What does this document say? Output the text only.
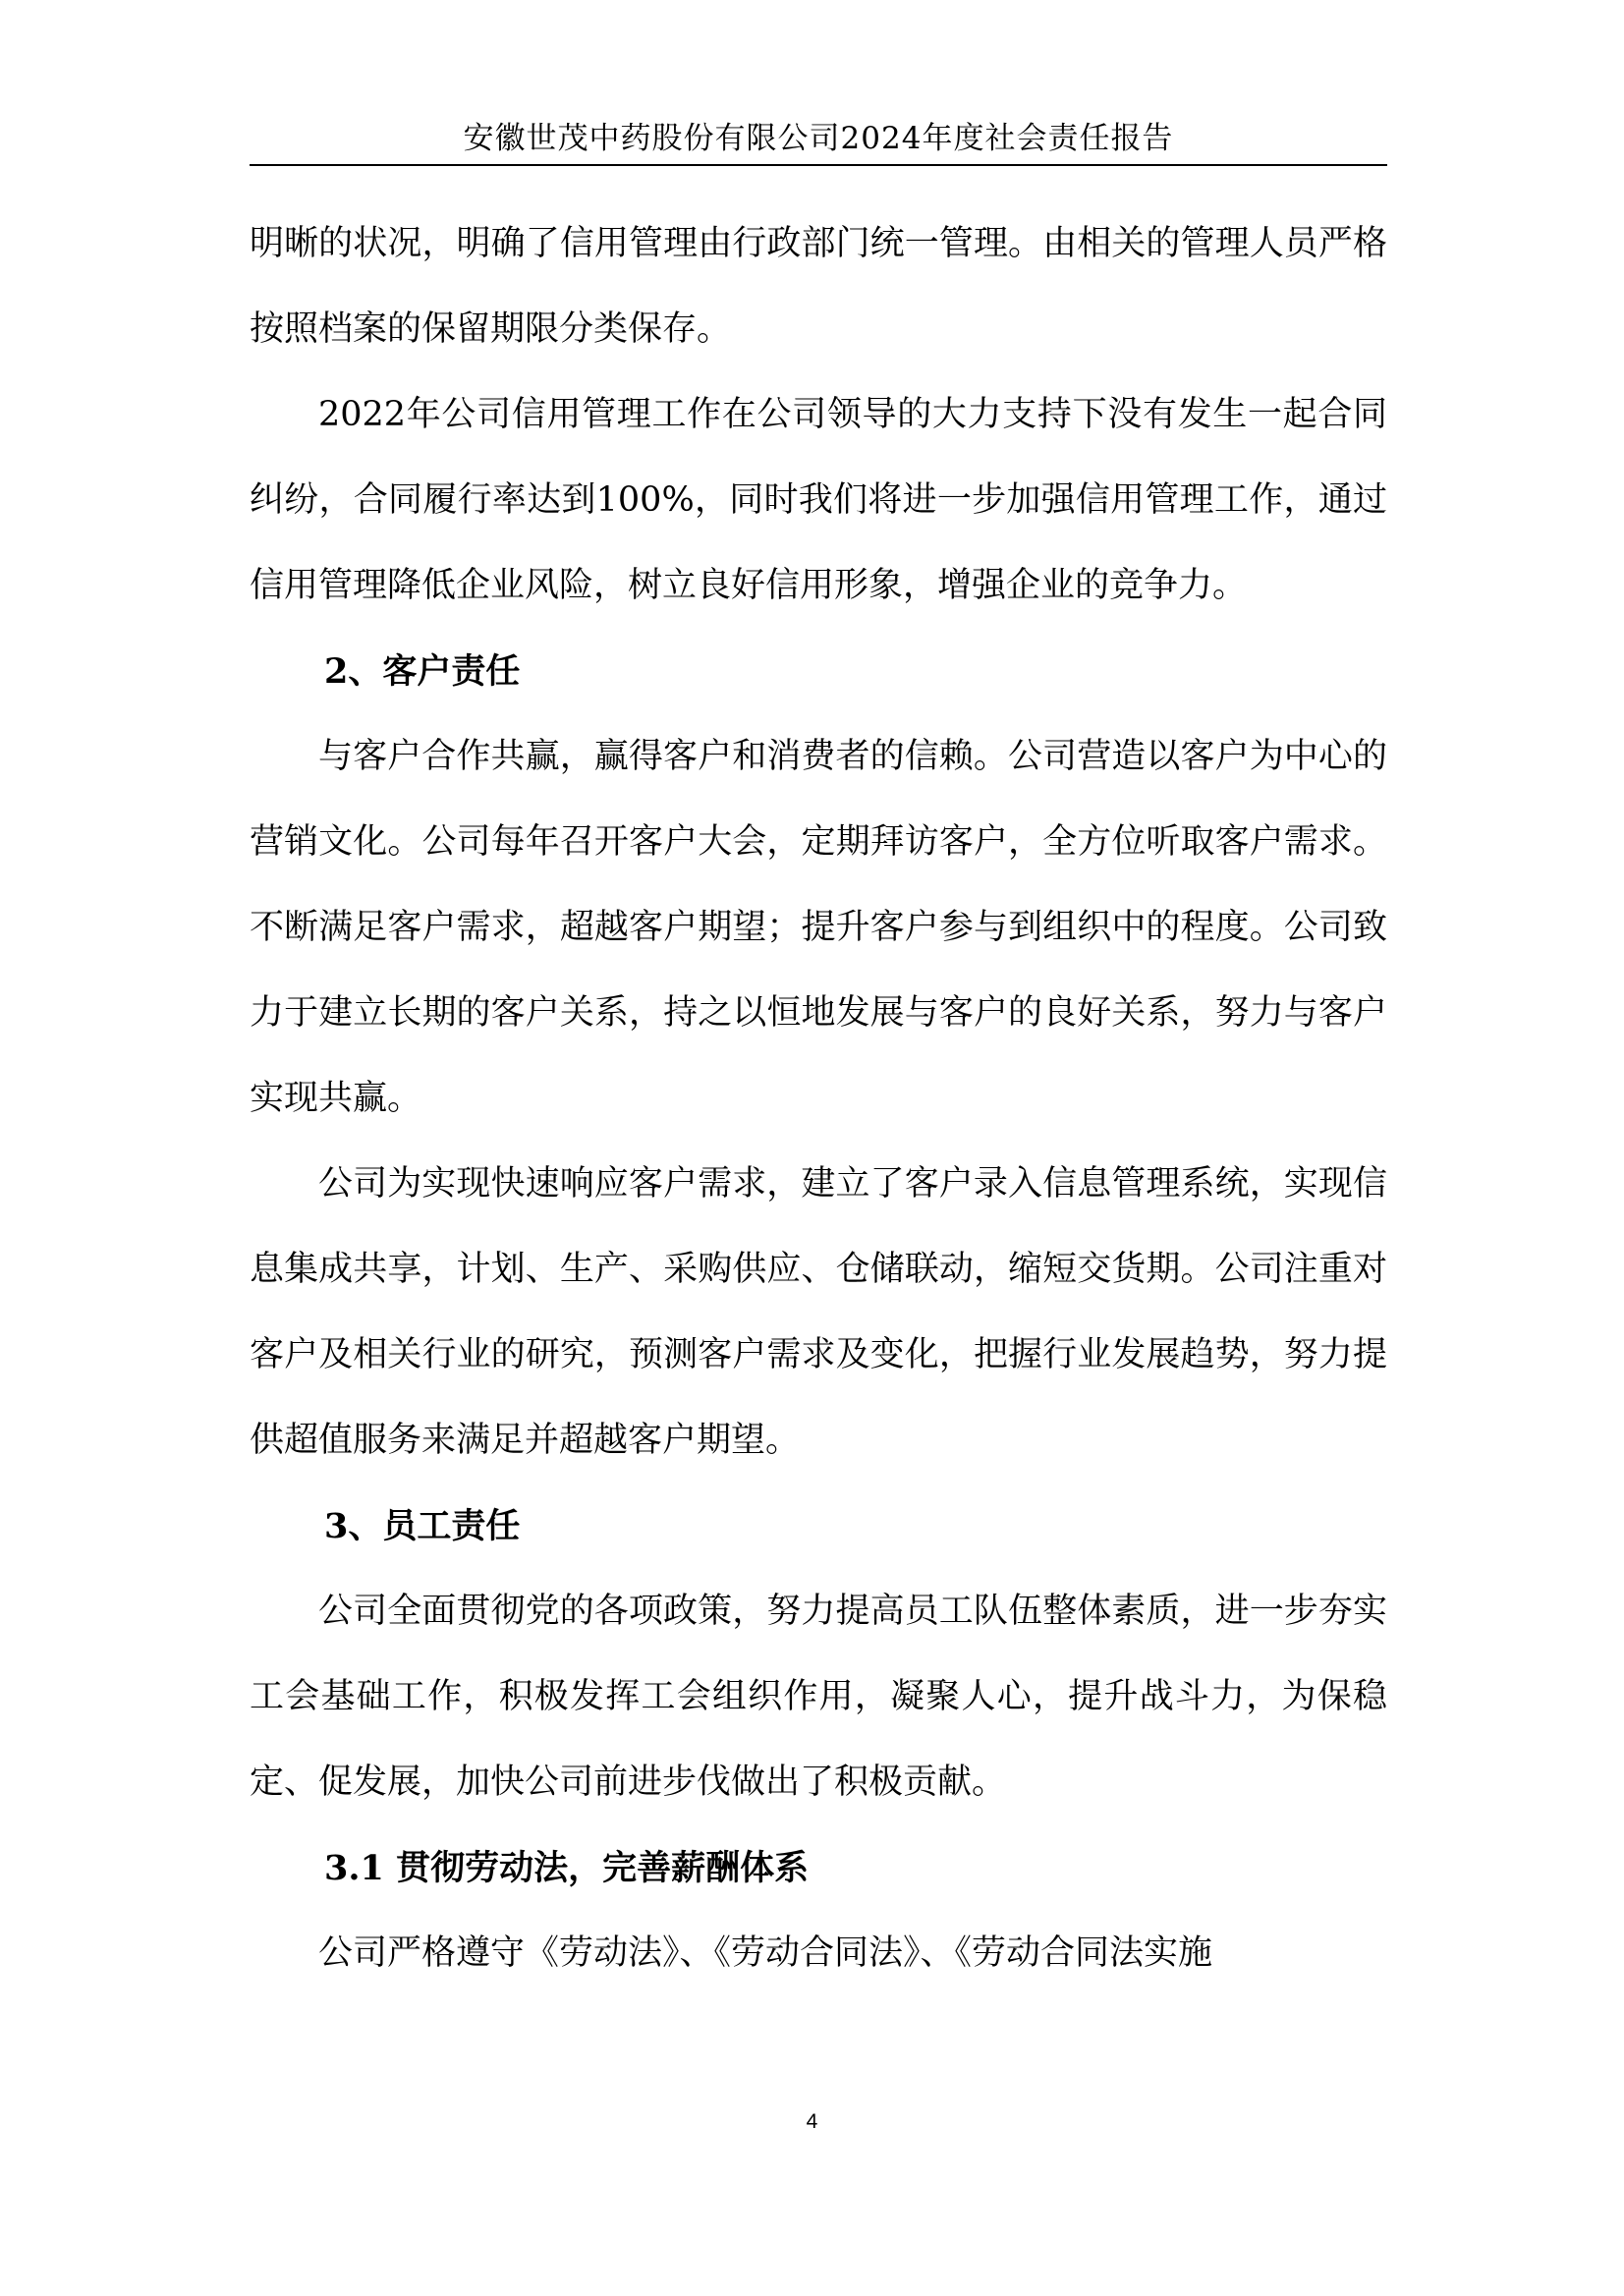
安徽世茂中药股份有限公司2024年度社会责任报告

明晰的状况，明确了信用管理由行政部门统一管理。由相关的管理人员严格按照档案的保留期限分类保存。

2022年公司信用管理工作在公司领导的大力支持下没有发生一起合同纠纷，合同履行率达到100%，同时我们将进一步加强信用管理工作，通过信用管理降低企业风险，树立良好信用形象，增强企业的竞争力。

2、客户责任

与客户合作共赢，赢得客户和消费者的信赖。公司营造以客户为中心的营销文化。公司每年召开客户大会，定期拜访客户，全方位听取客户需求。不断满足客户需求，超越客户期望；提升客户参与到组织中的程度。公司致力于建立长期的客户关系，持之以恒地发展与客户的良好关系，努力与客户实现共赢。

公司为实现快速响应客户需求，建立了客户录入信息管理系统，实现信息集成共享，计划、生产、采购供应、仓储联动，缩短交货期。公司注重对客户及相关行业的研究，预测客户需求及变化，把握行业发展趋势，努力提供超值服务来满足并超越客户期望。

3、员工责任

公司全面贯彻党的各项政策，努力提高员工队伍整体素质，进一步夯实工会基础工作，积极发挥工会组织作用，凝聚人心，提升战斗力，为保稳定、促发展，加快公司前进步伐做出了积极贡献。

3.1 贯彻劳动法，完善薪酬体系

公司严格遵守《劳动法》、《劳动合同法》、《劳动合同法实施

4
